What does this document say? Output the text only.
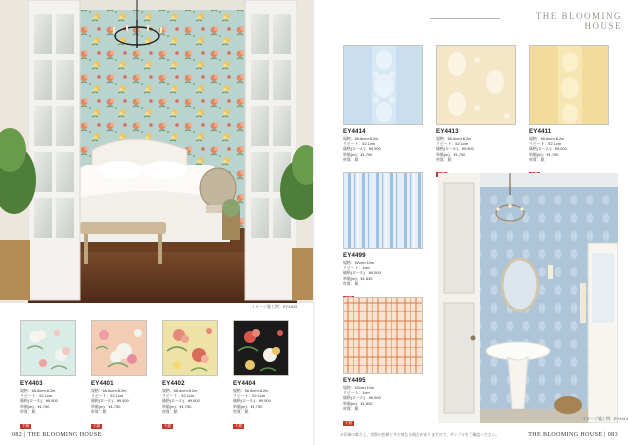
イメージ施工例：EY4403
EY4403
規格：66.6cm×8.2m
リピート：52.1cm
価格(ロール)：¥9,500
単価(m)：¥1,750
材質：紙
不燃
EY4401
規格：66.6cm×8.2m
リピート：52.1cm
価格(ロール)：¥9,500
単価(m)：¥1,750
材質：紙
不燃
EY4402
規格：66.6cm×8.2m
リピート：52.1cm
価格(ロール)：¥9,500
単価(m)：¥1,750
材質：紙
不燃
EY4404
規格：66.6cm×8.2m
リピート：52.1cm
価格(ロール)：¥9,500
単価(m)：¥1,750
材質：紙
不燃
082 | THE BLOOMING HOUSE
THE BLOOMING HOUSE
EY4414
規格：66.6cm×8.2m
リピート：52.1cm
価格(ロール)：¥9,500
単価(m)：¥1,750
材質：紙
EY4413
規格：66.6cm×8.2m
リピート：52.1cm
価格(ロール)：¥9,500
単価(m)：¥1,750
材質：紙
EY4411
規格：66.6cm×8.2m
リピート：52.1cm
価格(ロール)：¥9,500
単価(m)：¥1,750
材質：紙
EY4499
規格：52cm×10m
リピート：1cm
価格(ロール)：¥9,500
単価(m)：¥1,830
材質：紙
EY4495
規格：52cm×10m
リピート：1cm
価格(ロール)：¥9,500
単価(m)：¥1,830
材質：紙
不燃
イメージ施工例：EY4414
※印刷の都合上、実際の色柄と多少異なる場合がありますので、サンプルをご確認ください。	THE BLOOMING HOUSE | 083
